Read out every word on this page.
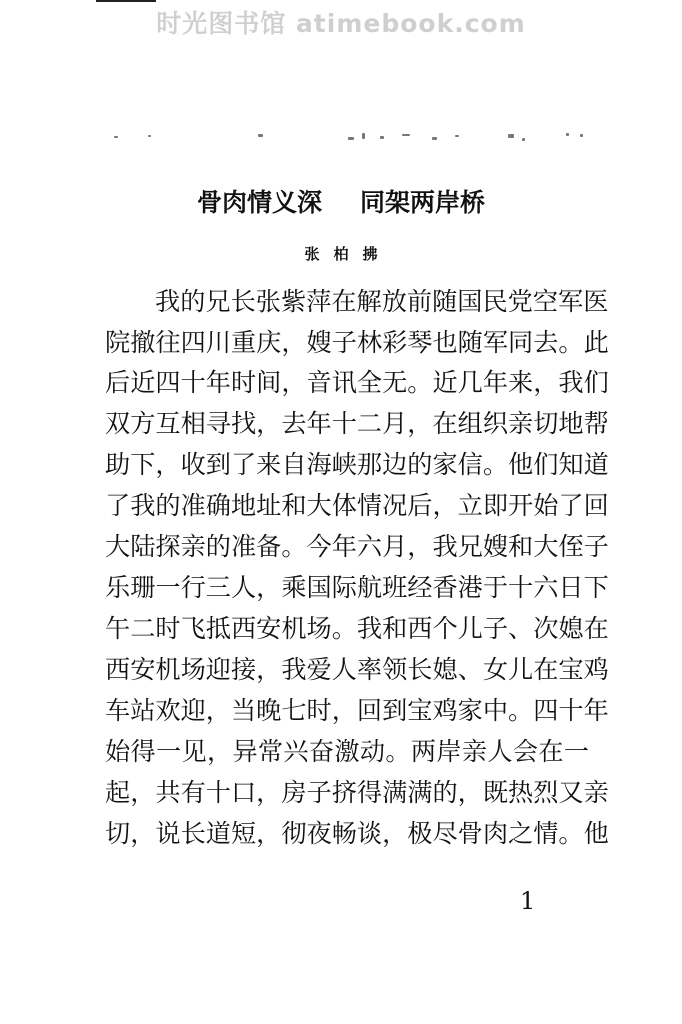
时光图书馆 atimebook.com
骨肉情义深 同架两岸桥
张柏拂
我的兄长张紫萍在解放前随国民党空军医
院撤往四川重庆，嫂子林彩琴也随军同去。此
后近四十年时间，音讯全无。近几年来，我们
双方互相寻找，去年十二月，在组织亲切地帮
助下，收到了来自海峡那边的家信。他们知道
了我的准确地址和大体情况后，立即开始了回
大陆探亲的准备。今年六月，我兄嫂和大侄子
乐珊一行三人，乘国际航班经香港于十六日下
午二时飞抵西安机场。我和西个儿子、次媳在
西安机场迎接，我爱人率领长媳、女儿在宝鸡
车站欢迎，当晚七时，回到宝鸡家中。四十年
始得一见，异常兴奋激动。两岸亲人会在一
起，共有十口，房子挤得满满的，既热烈又亲
切，说长道短，彻夜畅谈，极尽骨肉之情。他
1
